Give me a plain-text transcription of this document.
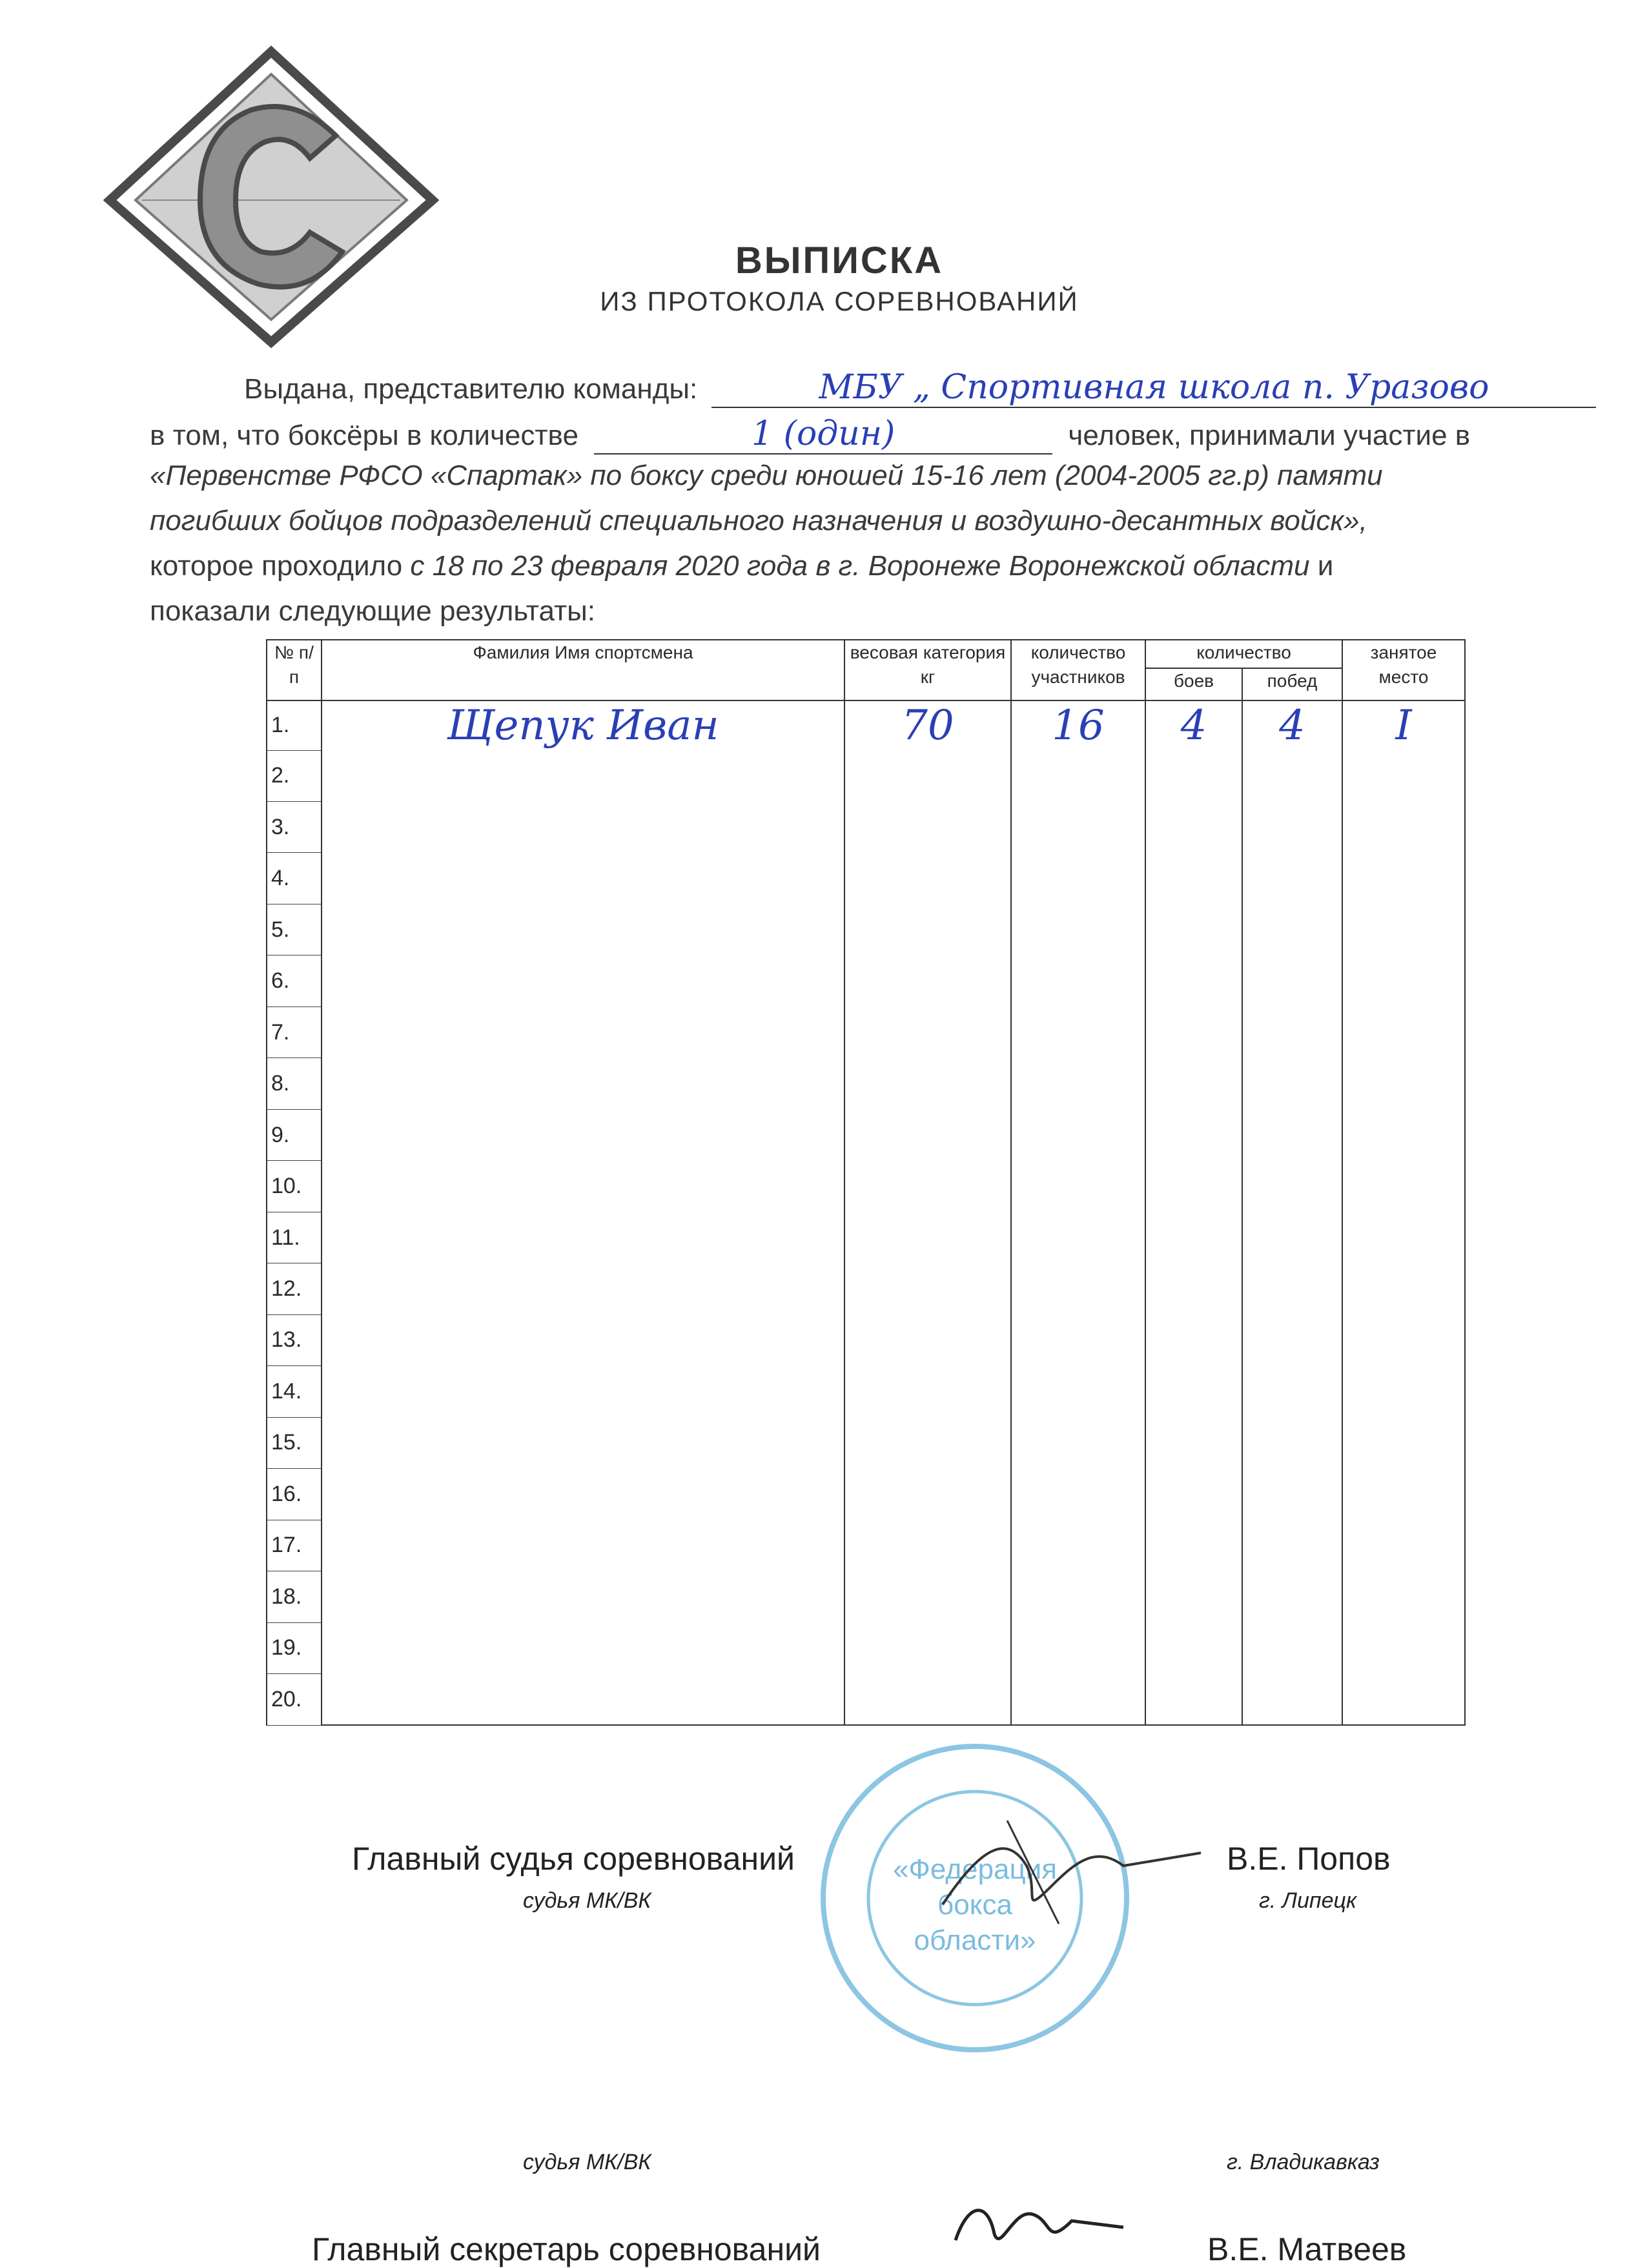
ВЫПИСКА
ИЗ ПРОТОКОЛА СОРЕВНОВАНИЙ
Выдана, представителю команды:	МБУ „ Спортивная школа п. Уразово
в том, что боксёры в количестве	1 (один)	человек, принимали участие в
«Первенстве РФСО «Спартак» по боксу среди юношей 15-16 лет (2004-2005 гг.р) памяти
погибших бойцов подразделений специального назначения и воздушно-десантных войск»,
которое проходило с 18 по 23 февраля 2020 года в г. Воронеже Воронежской области и
показали следующие результаты:
№ п/п	Фамилия Имя спортсмена	весовая категория кг	количество участников	количество		занятое место
				боев	побед	
1.	Щепук Иван	70	16	4	4	I
2.						
3.						
4.						
5.						
6.						
7.						
8.						
9.						
10.						
11.						
12.						
13.						
14.						
15.						
16.						
17.						
18.						
19.						
20.						
«Федерация бокса области»
Главный судья соревнований
судья МК/ВК
В.Е. Попов
г. Липецк
Главный секретарь соревнований
судья МК/ВК
В.Е. Матвеев
г. Владикавказ
